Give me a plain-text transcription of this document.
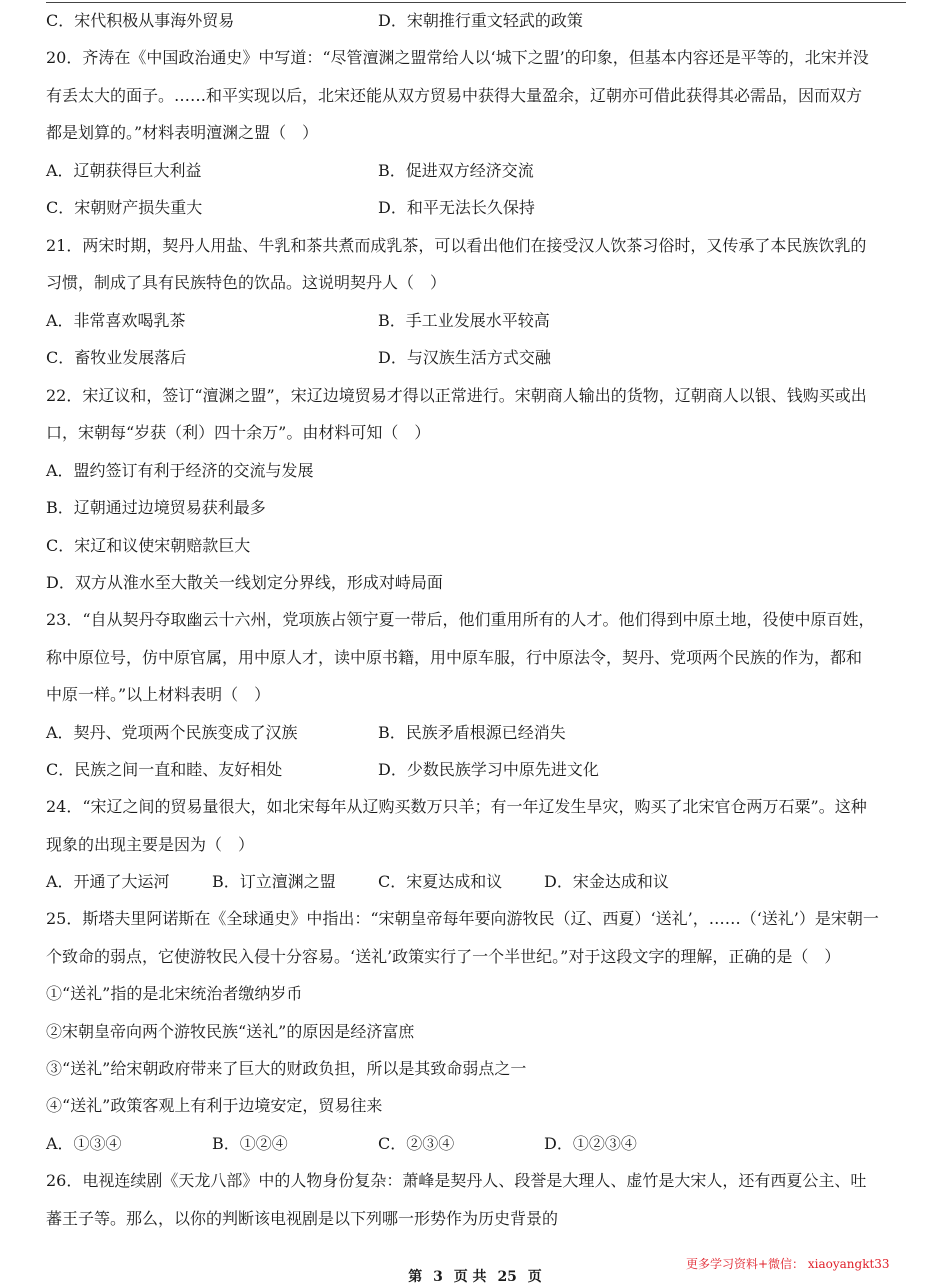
C．宋代积极从事海外贸易	D．宋朝推行重文轻武的政策
20．齐涛在《中国政治通史》中写道：“尽管澶渊之盟常给人以‘城下之盟’的印象，但基本内容还是平等的，北宋并没
有丢太大的面子。……和平实现以后，北宋还能从双方贸易中获得大量盈余，辽朝亦可借此获得其必需品，因而双方
都是划算的。”材料表明澶渊之盟（　）
A．辽朝获得巨大利益	B．促进双方经济交流
C．宋朝财产损失重大	D．和平无法长久保持
21．两宋时期，契丹人用盐、牛乳和茶共煮而成乳茶，可以看出他们在接受汉人饮茶习俗时，又传承了本民族饮乳的
习惯，制成了具有民族特色的饮品。这说明契丹人（　）
A．非常喜欢喝乳茶	B．手工业发展水平较高
C．畜牧业发展落后	D．与汉族生活方式交融
22．宋辽议和，签订“澶渊之盟”，宋辽边境贸易才得以正常进行。宋朝商人输出的货物，辽朝商人以银、钱购买或出
口，宋朝每“岁获（利）四十余万”。由材料可知（　）
A．盟约签订有利于经济的交流与发展
B．辽朝通过边境贸易获利最多
C．宋辽和议使宋朝赔款巨大
D．双方从淮水至大散关一线划定分界线，形成对峙局面
23．“自从契丹夺取幽云十六州，党项族占领宁夏一带后，他们重用所有的人才。他们得到中原土地，役使中原百姓，
称中原位号，仿中原官属，用中原人才，读中原书籍，用中原车服，行中原法令，契丹、党项两个民族的作为，都和
中原一样。”以上材料表明（　）
A．契丹、党项两个民族变成了汉族	B．民族矛盾根源已经消失
C．民族之间一直和睦、友好相处	D．少数民族学习中原先进文化
24．“宋辽之间的贸易量很大，如北宋每年从辽购买数万只羊；有一年辽发生旱灾，购买了北宋官仓两万石粟”。这种
现象的出现主要是因为（　）
A．开通了大运河	B．订立澶渊之盟	C．宋夏达成和议	D．宋金达成和议
25．斯塔夫里阿诺斯在《全球通史》中指出：“宋朝皇帝每年要向游牧民（辽、西夏）‘送礼’，……（‘送礼’）是宋朝一
个致命的弱点，它使游牧民入侵十分容易。‘送礼’政策实行了一个半世纪。”对于这段文字的理解，正确的是（　）
①“送礼”指的是北宋统治者缴纳岁币
②宋朝皇帝向两个游牧民族“送礼”的原因是经济富庶
③“送礼”给宋朝政府带来了巨大的财政负担，所以是其致命弱点之一
④“送礼”政策客观上有利于边境安定，贸易往来
A．①③④	B．①②④	C．②③④	D．①②③④
26．电视连续剧《天龙八部》中的人物身份复杂：萧峰是契丹人、段誉是大理人、虚竹是大宋人，还有西夏公主、吐
蕃王子等。那么，以你的判断该电视剧是以下列哪一形势作为历史背景的
更多学习资料+微信： xiaoyangkt33
第 3 页 共 25 页
